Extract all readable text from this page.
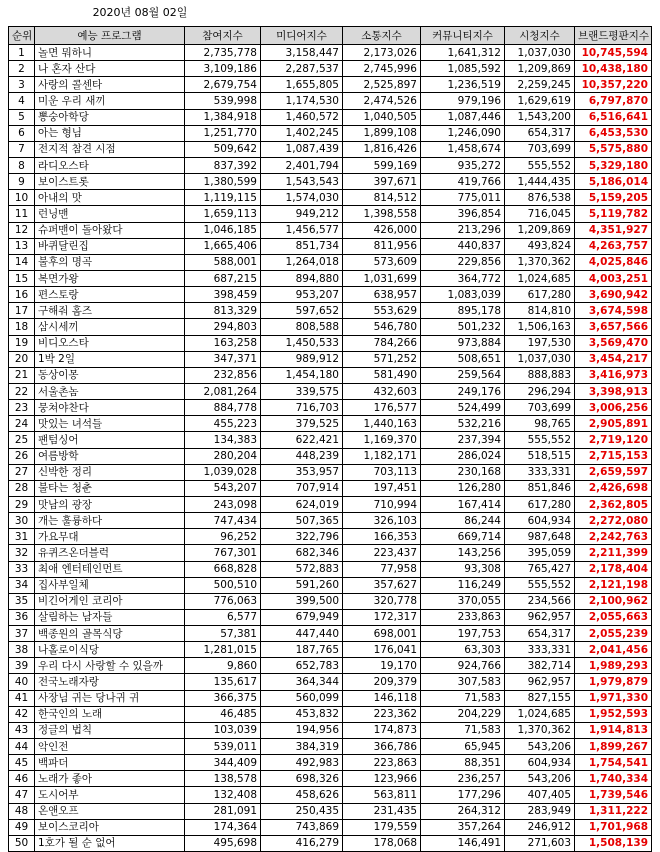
2020년 08월 02일
순위	예능 프로그램	참여지수	미디어지수	소통지수	커뮤니티지수	시청지수	브랜드평판지수
1	놀면 뭐하니	2,735,778	3,158,447	2,173,026	1,641,312	1,037,030	10,745,594
2	나 혼자 산다	3,109,186	2,287,537	2,745,996	1,085,592	1,209,869	10,438,180
3	사랑의 콜센타	2,679,754	1,655,805	2,525,897	1,236,519	2,259,245	10,357,220
4	미운 우리 새끼	539,998	1,174,530	2,474,526	979,196	1,629,619	6,797,870
5	뽕숭아학당	1,384,918	1,460,572	1,040,505	1,087,446	1,543,200	6,516,641
6	아는 형님	1,251,770	1,402,245	1,899,108	1,246,090	654,317	6,453,530
7	전지적 참견 시점	509,642	1,087,439	1,816,426	1,458,674	703,699	5,575,880
8	라디오스타	837,392	2,401,794	599,169	935,272	555,552	5,329,180
9	보이스트롯	1,380,599	1,543,543	397,671	419,766	1,444,435	5,186,014
10	아내의 맛	1,119,115	1,574,030	814,512	775,011	876,538	5,159,205
11	런닝맨	1,659,113	949,212	1,398,558	396,854	716,045	5,119,782
12	슈퍼맨이 돌아왔다	1,046,185	1,456,577	426,000	213,296	1,209,869	4,351,927
13	바퀴달린집	1,665,406	851,734	811,956	440,837	493,824	4,263,757
14	불후의 명곡	588,001	1,264,018	573,609	229,856	1,370,362	4,025,846
15	복면가왕	687,215	894,880	1,031,699	364,772	1,024,685	4,003,251
16	편스토랑	398,459	953,207	638,957	1,083,039	617,280	3,690,942
17	구해줘 홈즈	813,329	597,652	553,629	895,178	814,810	3,674,598
18	삼시세끼	294,803	808,588	546,780	501,232	1,506,163	3,657,566
19	비디오스타	163,258	1,450,533	784,266	973,884	197,530	3,569,470
20	1박 2일	347,371	989,912	571,252	508,651	1,037,030	3,454,217
21	동상이몽	232,856	1,454,180	581,490	259,564	888,883	3,416,973
22	서울촌놈	2,081,264	339,575	432,603	249,176	296,294	3,398,913
23	뭉쳐야찬다	884,778	716,703	176,577	524,499	703,699	3,006,256
24	맛있는 녀석들	455,223	379,525	1,440,163	532,216	98,765	2,905,891
25	팬텀싱어	134,383	622,421	1,169,370	237,394	555,552	2,719,120
26	여름방학	280,204	448,239	1,182,171	286,024	518,515	2,715,153
27	신박한 정리	1,039,028	353,957	703,113	230,168	333,331	2,659,597
28	불타는 청춘	543,207	707,914	197,451	126,280	851,846	2,426,698
29	맛남의 광장	243,098	624,019	710,994	167,414	617,280	2,362,805
30	개는 훌륭하다	747,434	507,365	326,103	86,244	604,934	2,272,080
31	가요무대	96,252	322,796	166,353	669,714	987,648	2,242,763
32	유퀴즈온더블럭	767,301	682,346	223,437	143,256	395,059	2,211,399
33	최애 엔터테인먼트	668,828	572,883	77,958	93,308	765,427	2,178,404
34	집사부일체	500,510	591,260	357,627	116,249	555,552	2,121,198
35	비긴어게인 코리아	776,063	399,500	320,778	370,055	234,566	2,100,962
36	살림하는 남자들	6,577	679,949	172,317	233,863	962,957	2,055,663
37	백종원의 골목식당	57,381	447,440	698,001	197,753	654,317	2,055,239
38	나홀로이식당	1,281,015	187,765	176,041	63,303	333,331	2,041,456
39	우리 다시 사랑할 수 있을까	9,860	652,783	19,170	924,766	382,714	1,989,293
40	전국노래자랑	135,617	364,344	209,379	307,583	962,957	1,979,879
41	사장님 귀는 당나귀 귀	366,375	560,099	146,118	71,583	827,155	1,971,330
42	한국인의 노래	46,485	453,832	223,362	204,229	1,024,685	1,952,593
43	정글의 법칙	103,039	194,956	174,873	71,583	1,370,362	1,914,813
44	악인전	539,011	384,319	366,786	65,945	543,206	1,899,267
45	백파더	344,409	492,983	223,863	88,351	604,934	1,754,541
46	노래가 좋아	138,578	698,326	123,966	236,257	543,206	1,740,334
47	도시어부	132,408	458,626	563,811	177,296	407,405	1,739,546
48	온앤오프	281,091	250,435	231,435	264,312	283,949	1,311,222
49	보이스코리아	174,364	743,869	179,559	357,264	246,912	1,701,968
50	1호가 될 순 없어	495,698	416,279	178,068	146,491	271,603	1,508,139
